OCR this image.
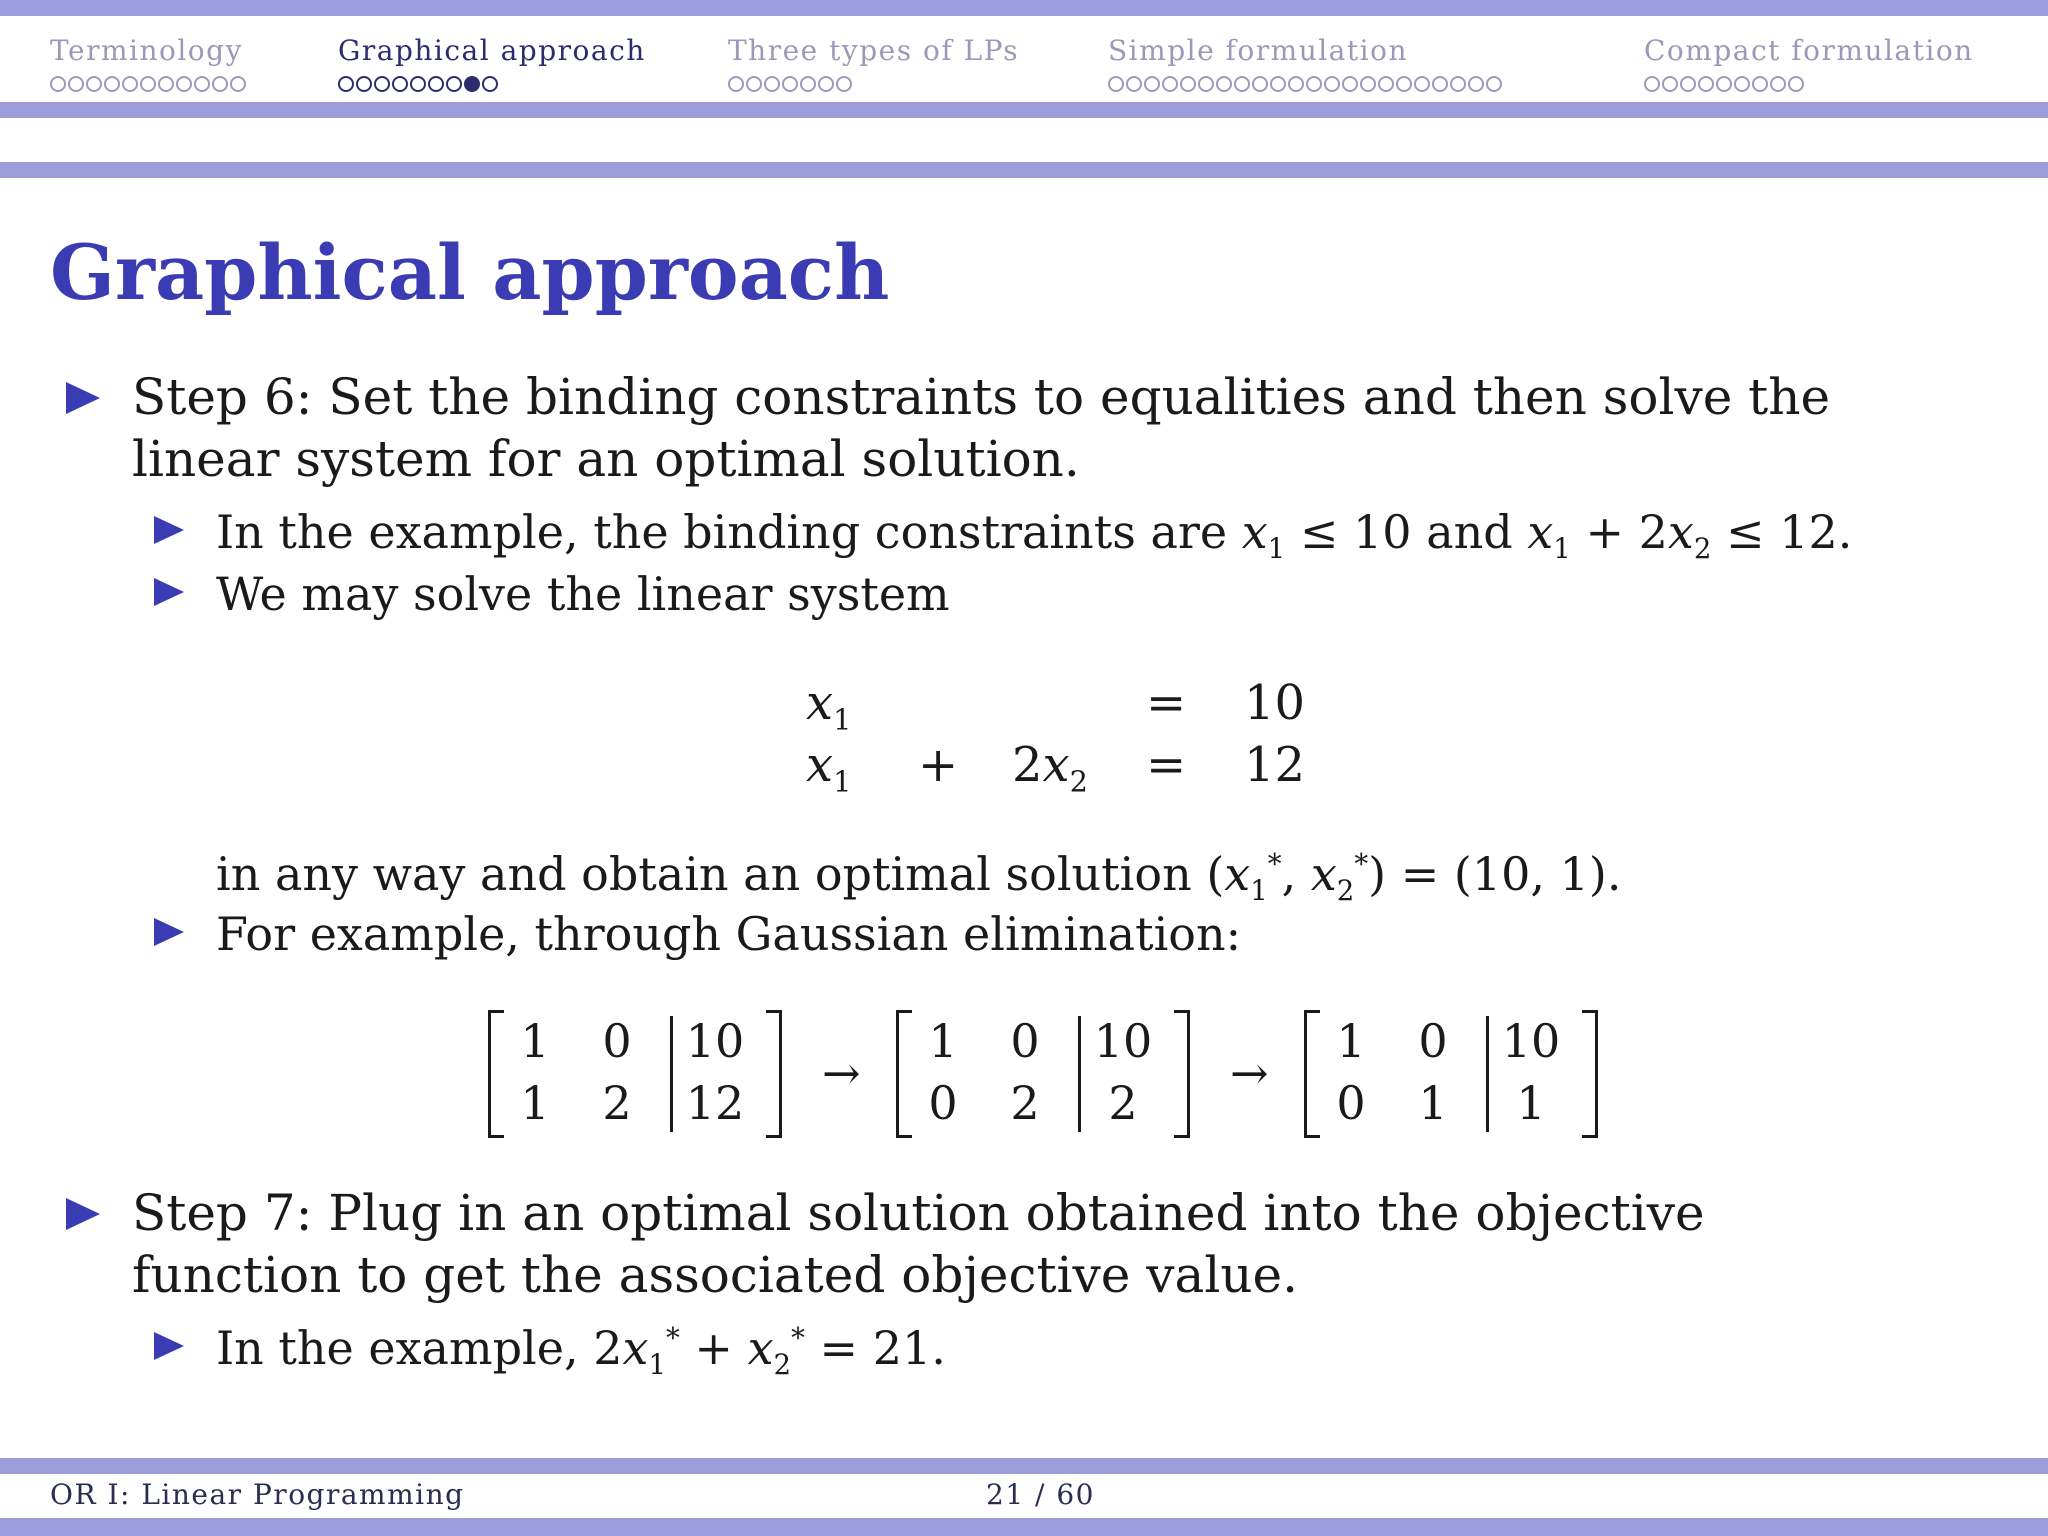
Terminology	Graphical approach	Three types of LPs	Simple formulation	Compact formulation
Graphical approach
Step 6: Set the binding constraints to equalities and then solve the
linear system for an optimal solution.
In the example, the binding constraints are $x_1 \le 10$ and $x_1 + 2x_2 \le 12$.
We may solve the linear system
$x_1$	= 10
$x_1 + 2x_2 = 12$
in any way and obtain an optimal solution ($x_1^*$, $x_2^*) = (10$, 1).
For example, through Gaussian elimination:
1	0	10
1	2	12
→
1	0	10
0	2	2
→
1	0	10
0	1	1
Step 7: Plug in an optimal solution obtained into the objective
function to get the associated objective value.
In the example, $2x_1^* + x_2^* = 21$.
OR I: Linear Programming	21 / 60
